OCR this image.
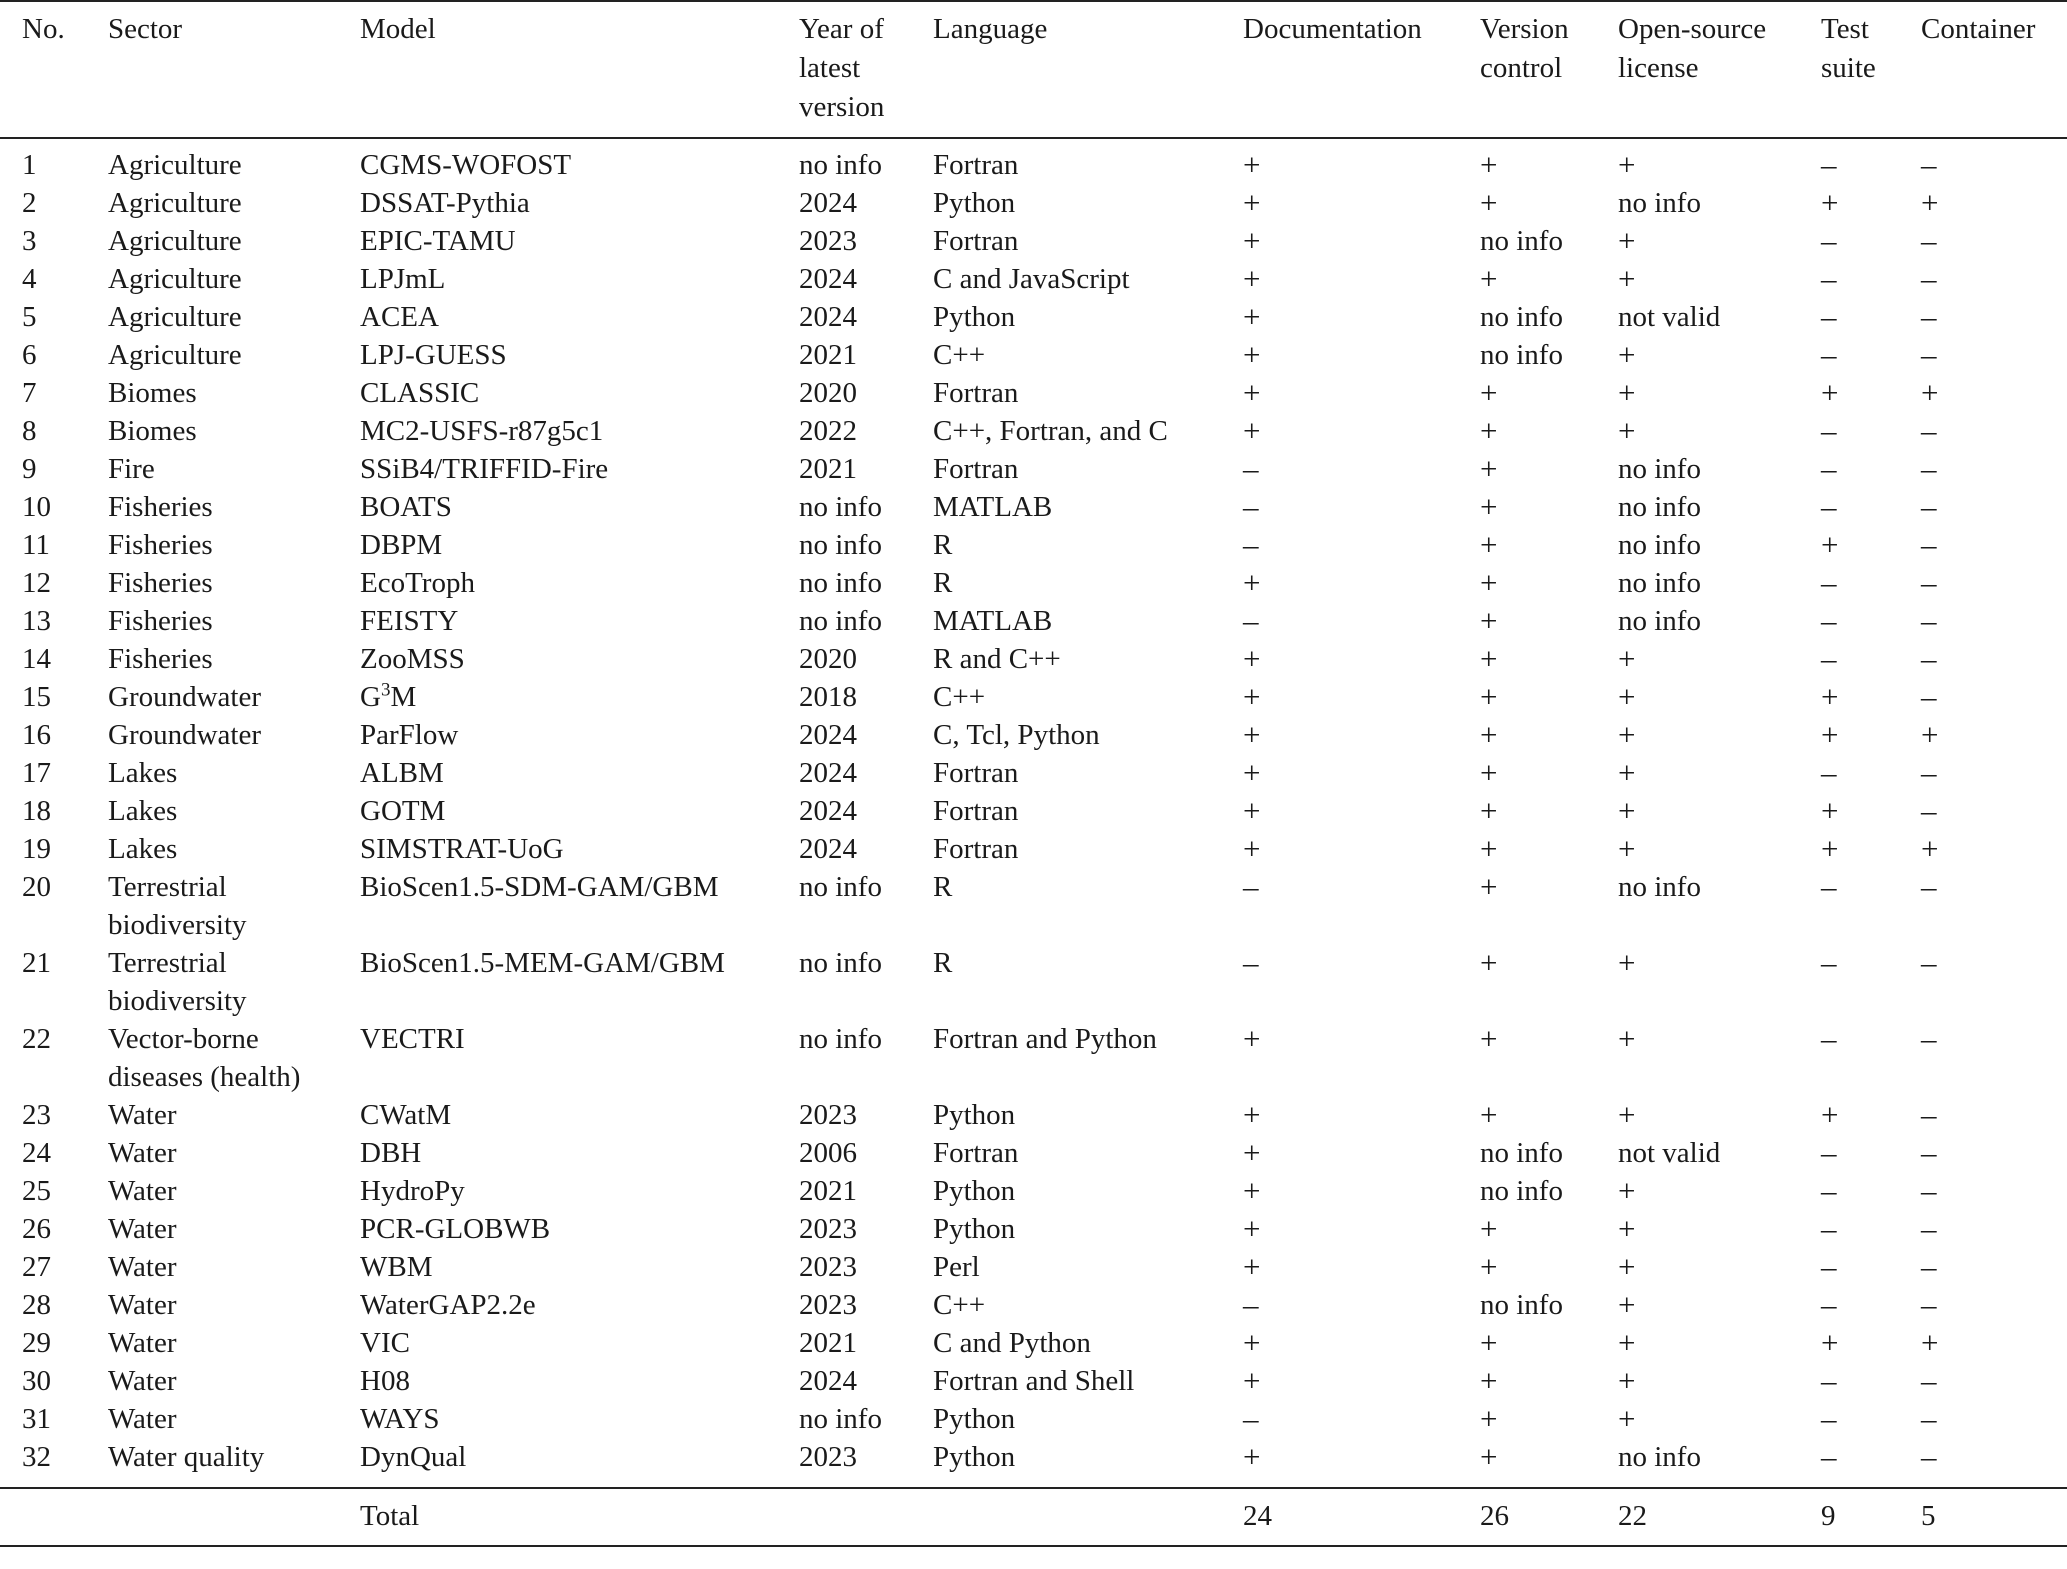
No.	Sector	Model	Year of latest version	Language	Documentation	Version control	Open-source license	Test suite	Container
1	Agriculture	CGMS-WOFOST	no info	Fortran	+	+	+	–	–
2	Agriculture	DSSAT-Pythia	2024	Python	+	+	no info	+	+
3	Agriculture	EPIC-TAMU	2023	Fortran	+	no info	+	–	–
4	Agriculture	LPJmL	2024	C and JavaScript	+	+	+	–	–
5	Agriculture	ACEA	2024	Python	+	no info	not valid	–	–
6	Agriculture	LPJ-GUESS	2021	C++	+	no info	+	–	–
7	Biomes	CLASSIC	2020	Fortran	+	+	+	+	+
8	Biomes	MC2-USFS-r87g5c1	2022	C++, Fortran, and C	+	+	+	–	–
9	Fire	SSiB4/TRIFFID-Fire	2021	Fortran	–	+	no info	–	–
10	Fisheries	BOATS	no info	MATLAB	–	+	no info	–	–
11	Fisheries	DBPM	no info	R	–	+	no info	+	–
12	Fisheries	EcoTroph	no info	R	+	+	no info	–	–
13	Fisheries	FEISTY	no info	MATLAB	–	+	no info	–	–
14	Fisheries	ZooMSS	2020	R and C++	+	+	+	–	–
15	Groundwater	$G^3M$	2018	C++	+	+	+	+	–
16	Groundwater	ParFlow	2024	C, Tcl, Python	+	+	+	+	+
17	Lakes	ALBM	2024	Fortran	+	+	+	–	–
18	Lakes	GOTM	2024	Fortran	+	+	+	+	–
19	Lakes	SIMSTRAT-UoG	2024	Fortran	+	+	+	+	+
20	Terrestrial biodiversity	BioScen1.5-SDM-GAM/GBM	no info	R	–	+	no info	–	–
21	Terrestrial biodiversity	BioScen1.5-MEM-GAM/GBM	no info	R	–	+	+	–	–
22	Vector-borne diseases (health)	VECTRI	no info	Fortran and Python	+	+	+	–	–
23	Water	CWatM	2023	Python	+	+	+	+	–
24	Water	DBH	2006	Fortran	+	no info	not valid	–	–
25	Water	HydroPy	2021	Python	+	no info	+	–	–
26	Water	PCR-GLOBWB	2023	Python	+	+	+	–	–
27	Water	WBM	2023	Perl	+	+	+	–	–
28	Water	WaterGAP2.2e	2023	C++	–	no info	+	–	–
29	Water	VIC	2021	C and Python	+	+	+	+	+
30	Water	H08	2024	Fortran and Shell	+	+	+	–	–
31	Water	WAYS	no info	Python	–	+	+	–	–
32	Water quality	DynQual	2023	Python	+	+	no info	–	–
		Total			24	26	22	9	5
